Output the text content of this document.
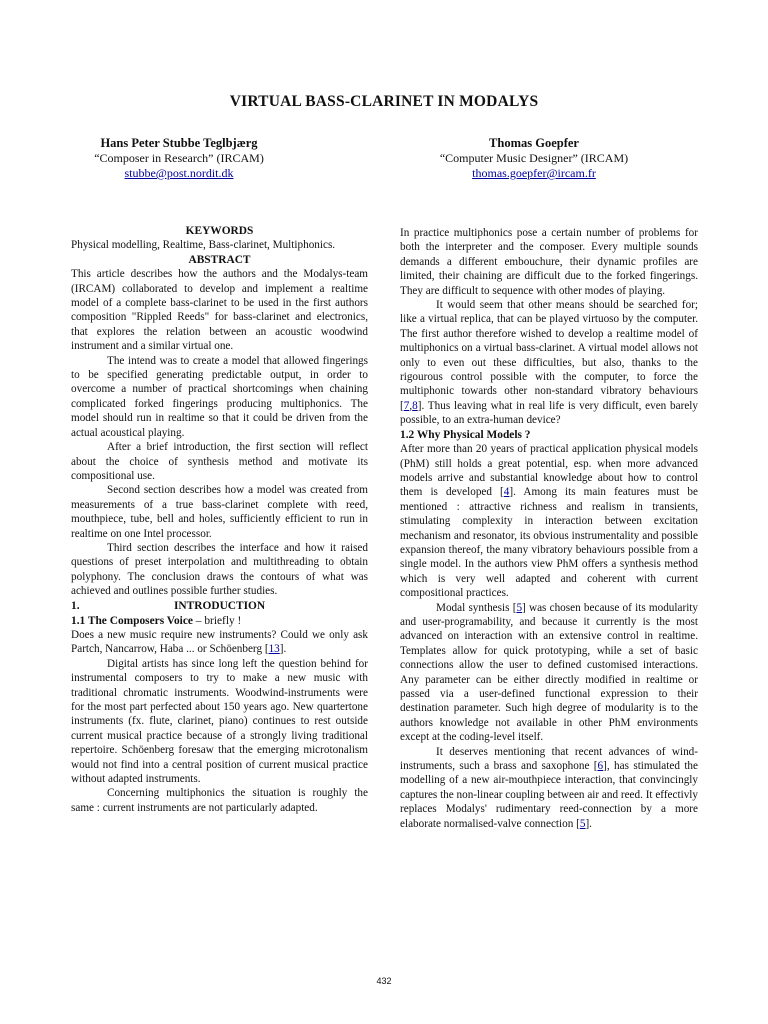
VIRTUAL BASS-CLARINET IN MODALYS
Hans Peter Stubbe Teglbjærg
“Composer in Research” (IRCAM)
stubbe@post.nordit.dk
Thomas Goepfer
“Computer Music Designer” (IRCAM)
thomas.goepfer@ircam.fr
KEYWORDS

Physical modelling, Realtime, Bass-clarinet, Multiphonics.

ABSTRACT

This article describes how the authors and the Modalys-team (IRCAM) collaborated to develop and implement a realtime model of a complete bass-clarinet to be used in the first authors composition "Rippled Reeds" for bass-clarinet and electronics, that explores the relation between an acoustic woodwind instrument and a similar virtual one.

The intend was to create a model that allowed fingerings to be specified generating predictable output, in order to overcome a number of practical shortcomings when chaining complicated forked fingerings producing multiphonics. The model should run in realtime so that it could be driven from the actual acoustical playing.

After a brief introduction, the first section will reflect about the choice of synthesis method and motivate its compositional use.

Second section describes how a model was created from measurements of a true bass-clarinet complete with reed, mouthpiece, tube, bell and holes, sufficiently efficient to run in realtime on one Intel processor.

Third section describes the interface and how it raised questions of preset interpolation and multithreading to obtain polyphony. The conclusion draws the contours of what was achieved and outlines possible further studies.

1.	INTRODUCTION
1.1 The Composers Voice – briefly !

Does a new music require new instruments? Could we only ask Partch, Nancarrow, Haba ... or Schöenberg [13].

Digital artists has since long left the question behind for instrumental composers to try to make a new music with traditional chromatic instruments. Woodwind-instruments were for the most part perfected about 150 years ago. New quartertone instruments (fx. flute, clarinet, piano) continues to rest outside current musical practice because of a strongly living traditional repertoire. Schöenberg foresaw that the emerging microtonalism would not find into a central position of current musical practice without adapted instruments.

Concerning multiphonics the situation is roughly the same : current instruments are not particularly adapted.

In practice multiphonics pose a certain number of problems for both the interpreter and the composer. Every multiple sounds demands a different embouchure, their dynamic profiles are limited, their chaining are difficult due to the forked fingerings. They are difficult to sequence with other modes of playing.

It would seem that other means should be searched for; like a virtual replica, that can be played virtuoso by the computer. The first author therefore wished to develop a realtime model of multiphonics on a virtual bass-clarinet. A virtual model allows not only to even out these difficulties, but also, thanks to the rigourous control possible with the computer, to force the multiphonic towards other non-standard vibratory behaviours [7,8]. Thus leaving what in real life is very difficult, even barely possible, to an extra-human device?

1.2 Why Physical Models ?

After more than 20 years of practical application physical models (PhM) still holds a great potential, esp. when more advanced models arrive and substantial knowledge about how to control them is developed [4]. Among its main features must be mentioned : attractive richness and realism in transients, stimulating complexity in interaction between excitation mechanism and resonator, its obvious instrumentality and possible expansion thereof, the many vibratory behaviours possible from a single model. In the authors view PhM offers a synthesis method which is very well adapted and coherent with current compositional practices.

Modal synthesis [5] was chosen because of its modularity and user-programability, and because it currently is the most advanced on interaction with an extensive control in realtime. Templates allow for quick prototyping, while a set of basic connections allow the user to defined customised interactions. Any parameter can be either directly modified in realtime or passed via a user-defined functional expression to their destination parameter. Such high degree of modularity is to the authors knowledge not available in other PhM environments except at the coding-level itself.

It deserves mentioning that recent advances of wind-instruments, such a brass and saxophone [6], has stimulated the modelling of a new air-mouthpiece interaction, that convincingly captures the non-linear coupling between air and reed. It effectivly replaces Modalys' rudimentary reed-connection by a more elaborate normalised-valve connection [5].

432
